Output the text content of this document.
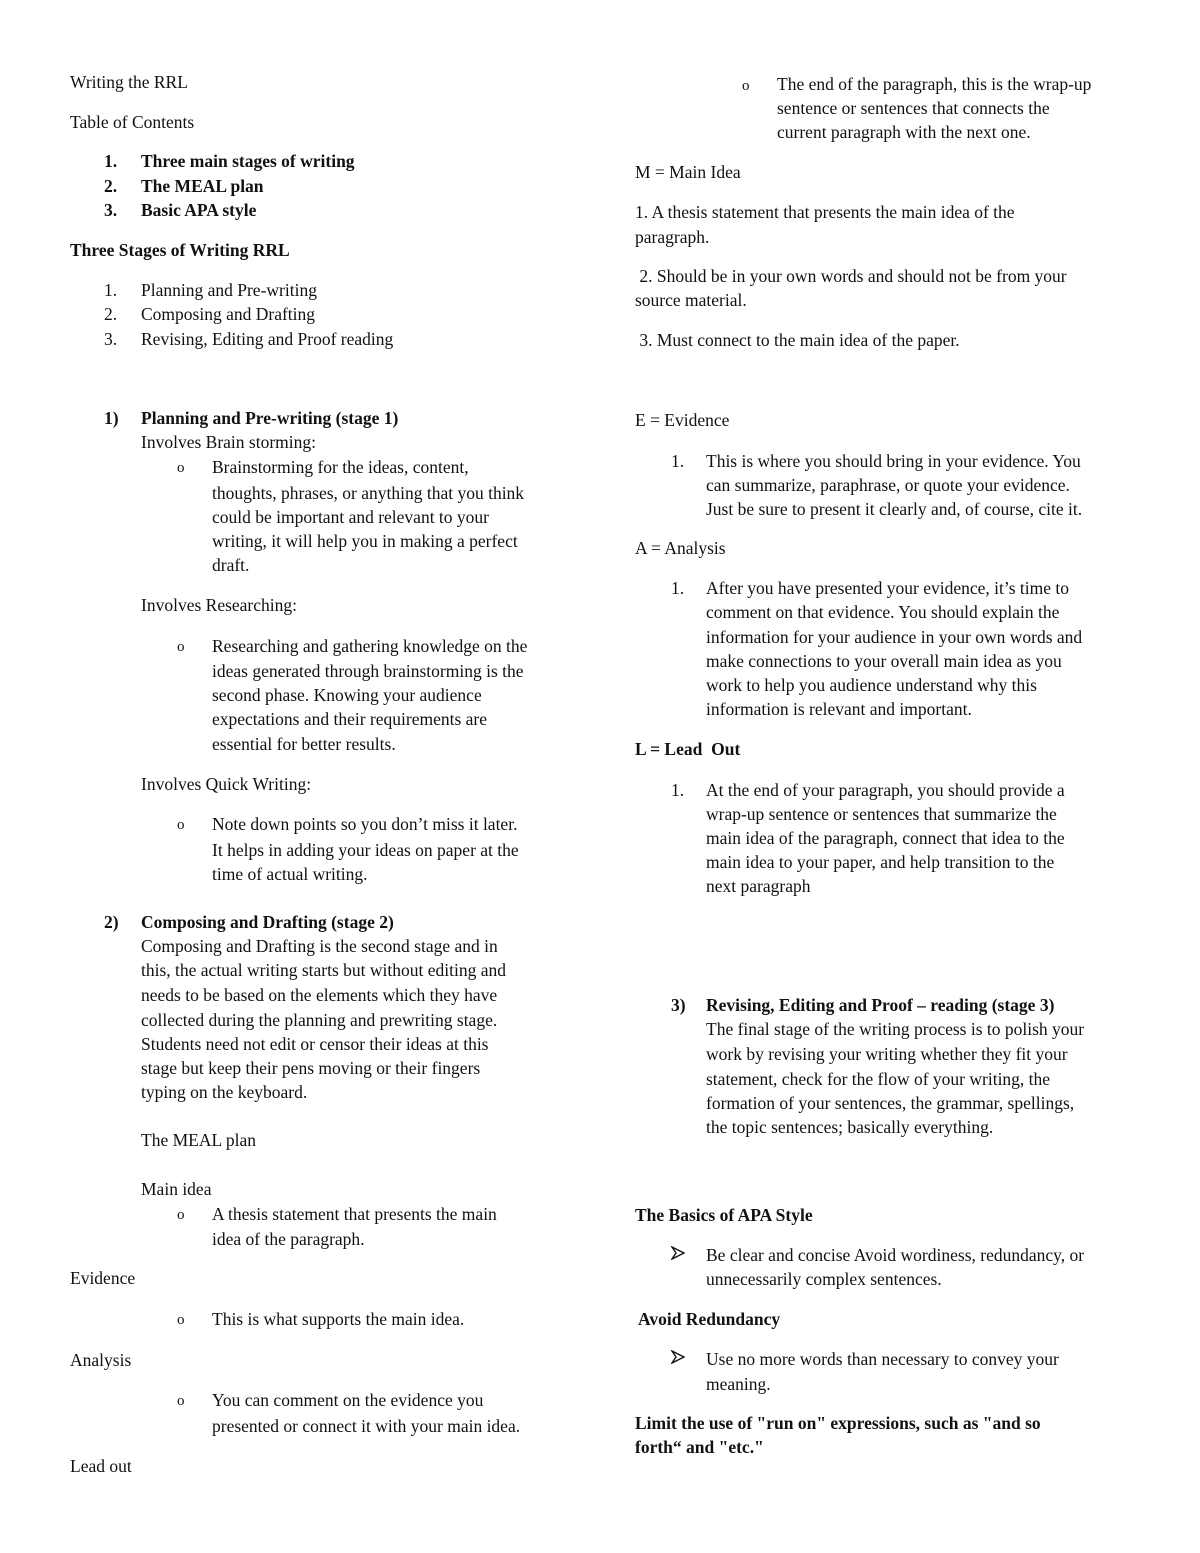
Writing the RRL
Table of Contents
1. Three main stages of writing
2. The MEAL plan
3. Basic APA style
Three Stages of Writing RRL
1. Planning and Pre-writing
2. Composing and Drafting
3. Revising, Editing and Proof reading
1) Planning and Pre-writing (stage 1)
Involves Brain storming:
o Brainstorming for the ideas, content,
thoughts, phrases, or anything that you think
could be important and relevant to your
writing, it will help you in making a perfect
draft.
Involves Researching:
o Researching and gathering knowledge on the
ideas generated through brainstorming is the
second phase. Knowing your audience
expectations and their requirements are
essential for better results.
Involves Quick Writing:
o Note down points so you don’t miss it later.
It helps in adding your ideas on paper at the
time of actual writing.
2) Composing and Drafting (stage 2)
Composing and Drafting is the second stage and in
this, the actual writing starts but without editing and
needs to be based on the elements which they have
collected during the planning and prewriting stage.
Students need not edit or censor their ideas at this
stage but keep their pens moving or their fingers
typing on the keyboard.
The MEAL plan
Main idea
o A thesis statement that presents the main
idea of the paragraph.
Evidence
o This is what supports the main idea.
Analysis
o You can comment on the evidence you
presented or connect it with your main idea.
Lead out
o The end of the paragraph, this is the wrap-up
sentence or sentences that connects the
current paragraph with the next one.
M = Main Idea
1. A thesis statement that presents the main idea of the
paragraph.
2. Should be in your own words and should not be from your
source material.
3. Must connect to the main idea of the paper.
E = Evidence
1. This is where you should bring in your evidence. You
can summarize, paraphrase, or quote your evidence.
Just be sure to present it clearly and, of course, cite it.
A = Analysis
1. After you have presented your evidence, it’s time to
comment on that evidence. You should explain the
information for your audience in your own words and
make connections to your overall main idea as you
work to help you audience understand why this
information is relevant and important.
L = Lead  Out
1. At the end of your paragraph, you should provide a
wrap-up sentence or sentences that summarize the
main idea of the paragraph, connect that idea to the
main idea to your paper, and help transition to the
next paragraph
3) Revising, Editing and Proof – reading (stage 3)
The final stage of the writing process is to polish your
work by revising your writing whether they fit your
statement, check for the flow of your writing, the
formation of your sentences, the grammar, spellings,
the topic sentences; basically everything.
The Basics of APA Style
Be clear and concise Avoid wordiness, redundancy, or
unnecessarily complex sentences.
Avoid Redundancy
Use no more words than necessary to convey your
meaning.
Limit the use of "run on" expressions, such as "and so
forth“ and "etc."
